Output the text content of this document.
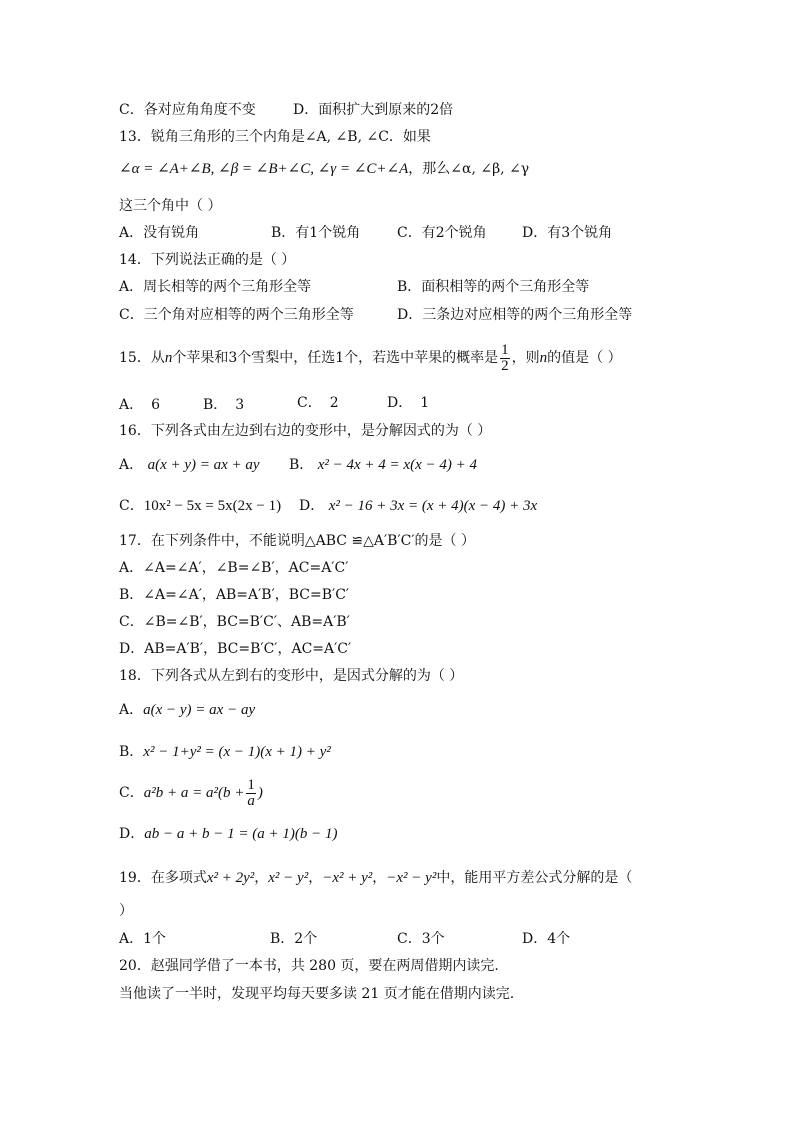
C．各对应角角度不变	D．面积扩大到原来的2倍
13．锐角三角形的三个内角是∠A, ∠B, ∠C．如果
∠α = ∠A+∠B, ∠β = ∠B+∠C, ∠γ = ∠C+∠A，那么∠α, ∠β, ∠γ
这三个角中（ ）
A．没有锐角	B．有1个锐角	C．有2个锐角	D．有3个锐角
14．下列说法正确的是（ ）
A．周长相等的两个三角形全等	B．面积相等的两个三角形全等
C．三个角对应相等的两个三角形全等	D．三条边对应相等的两个三角形全等
15．从n个苹果和3个雪梨中，任选1个，若选中苹果的概率是 $\frac{1}{2}$ ，则n的值是（ ）
A． 6	B． 3	C． 2	D． 1
16．下列各式由左边到右边的变形中，是分解因式的为（ ）
A． a(x + y) = ax + ay B． x² − 4x + 4 = x(x − 4) + 4
C．10x² − 5x = 5x(2x − 1) D． x² − 16 + 3x = (x + 4)(x − 4) + 3x
17．在下列条件中，不能说明△ABC ≌△A′B′C′的是（ ）
A．∠A=∠A′，∠B=∠B′，AC=A′C′
B．∠A=∠A′，AB=A′B′，BC=B′C′
C．∠B=∠B′，BC=B′C′、AB=A′B′
D．AB=A′B′，BC=B′C′，AC=A′C′
18．下列各式从左到右的变形中，是因式分解的为（ ）
A．a(x − y) = ax − ay
B．x² − 1+y² = (x − 1)(x + 1) + y²
C．$a^2b + a = a^2(b + \frac{1}{a}$ )
D．ab − a + b − 1 = (a + 1)(b − 1)
19．在多项式x² + 2y²，x² − y²，−x² + y²，−x² − y²中，能用平方差公式分解的是（
）
A．1个	B．2个	C．3个	D．4个
20．赵强同学借了一本书，共 280 页，要在两周借期内读完.
当他读了一半时，发现平均每天要多读 21 页才能在借期内读完.
